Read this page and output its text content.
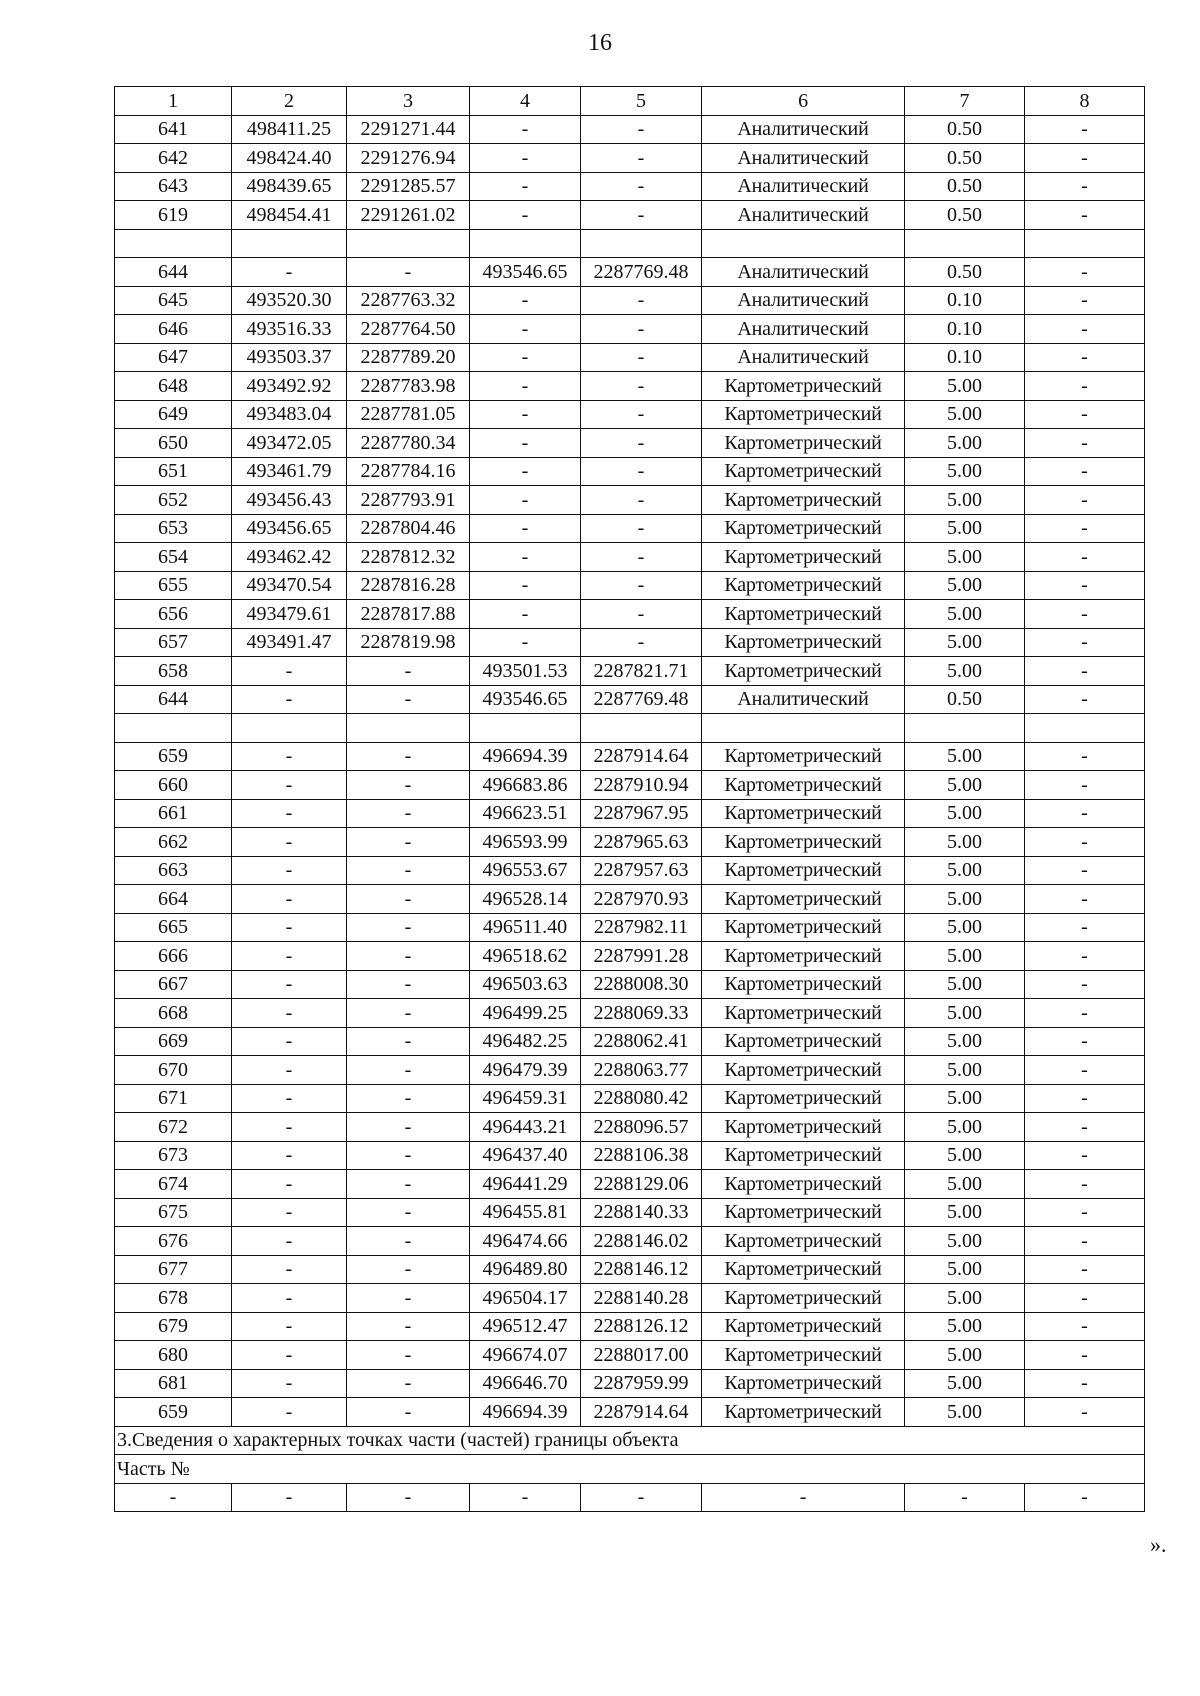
16
1	2	3	4	5	6	7	8
641	498411.25	2291271.44	-	-	Аналитический	0.50	-
642	498424.40	2291276.94	-	-	Аналитический	0.50	-
643	498439.65	2291285.57	-	-	Аналитический	0.50	-
619	498454.41	2291261.02	-	-	Аналитический	0.50	-

644	-	-	493546.65	2287769.48	Аналитический	0.50	-
645	493520.30	2287763.32	-	-	Аналитический	0.10	-
646	493516.33	2287764.50	-	-	Аналитический	0.10	-
647	493503.37	2287789.20	-	-	Аналитический	0.10	-
648	493492.92	2287783.98	-	-	Картометрический	5.00	-
649	493483.04	2287781.05	-	-	Картометрический	5.00	-
650	493472.05	2287780.34	-	-	Картометрический	5.00	-
651	493461.79	2287784.16	-	-	Картометрический	5.00	-
652	493456.43	2287793.91	-	-	Картометрический	5.00	-
653	493456.65	2287804.46	-	-	Картометрический	5.00	-
654	493462.42	2287812.32	-	-	Картометрический	5.00	-
655	493470.54	2287816.28	-	-	Картометрический	5.00	-
656	493479.61	2287817.88	-	-	Картометрический	5.00	-
657	493491.47	2287819.98	-	-	Картометрический	5.00	-
658	-	-	493501.53	2287821.71	Картометрический	5.00	-
644	-	-	493546.65	2287769.48	Аналитический	0.50	-

659	-	-	496694.39	2287914.64	Картометрический	5.00	-
660	-	-	496683.86	2287910.94	Картометрический	5.00	-
661	-	-	496623.51	2287967.95	Картометрический	5.00	-
662	-	-	496593.99	2287965.63	Картометрический	5.00	-
663	-	-	496553.67	2287957.63	Картометрический	5.00	-
664	-	-	496528.14	2287970.93	Картометрический	5.00	-
665	-	-	496511.40	2287982.11	Картометрический	5.00	-
666	-	-	496518.62	2287991.28	Картометрический	5.00	-
667	-	-	496503.63	2288008.30	Картометрический	5.00	-
668	-	-	496499.25	2288069.33	Картометрический	5.00	-
669	-	-	496482.25	2288062.41	Картометрический	5.00	-
670	-	-	496479.39	2288063.77	Картометрический	5.00	-
671	-	-	496459.31	2288080.42	Картометрический	5.00	-
672	-	-	496443.21	2288096.57	Картометрический	5.00	-
673	-	-	496437.40	2288106.38	Картометрический	5.00	-
674	-	-	496441.29	2288129.06	Картометрический	5.00	-
675	-	-	496455.81	2288140.33	Картометрический	5.00	-
676	-	-	496474.66	2288146.02	Картометрический	5.00	-
677	-	-	496489.80	2288146.12	Картометрический	5.00	-
678	-	-	496504.17	2288140.28	Картометрический	5.00	-
679	-	-	496512.47	2288126.12	Картометрический	5.00	-
680	-	-	496674.07	2288017.00	Картометрический	5.00	-
681	-	-	496646.70	2287959.99	Картометрический	5.00	-
659	-	-	496694.39	2287914.64	Картометрический	5.00	-
3.Сведения о характерных точках части (частей) границы объекта							
Часть №							
-	-	-	-	-	-	-	-
».
